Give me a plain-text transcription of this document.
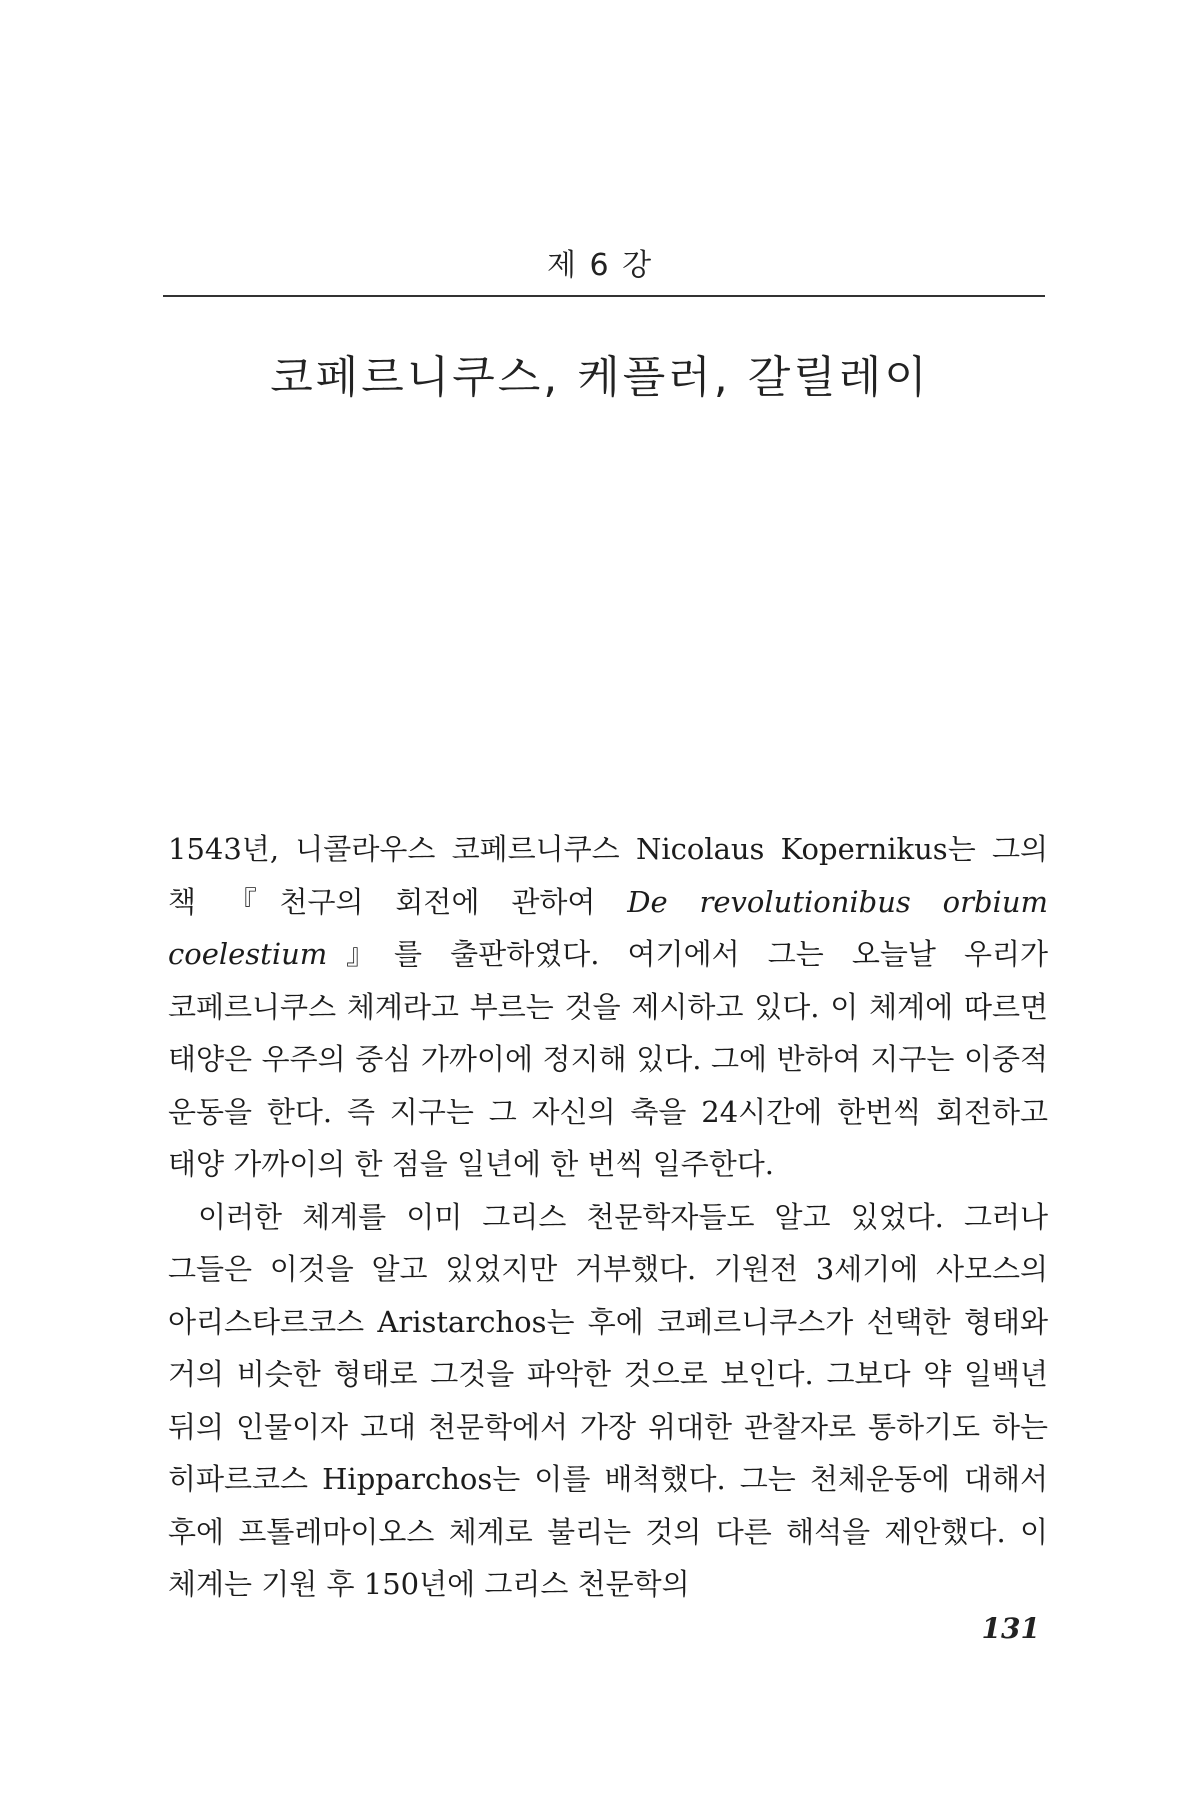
제 6 강
코페르니쿠스, 케플러, 갈릴레이

1543년, 니콜라우스 코페르니쿠스 Nicolaus Kopernikus는 그의 책 『천구의 회전에 관하여 De revolutionibus orbium coelestium』를 출판하였다. 여기에서 그는 오늘날 우리가 코페르니쿠스 체계라고 부르는 것을 제시하고 있다. 이 체계에 따르면 태양은 우주의 중심 가까이에 정지해 있다. 그에 반하여 지구는 이중적 운동을 한다. 즉 지구는 그 자신의 축을 24시간에 한번씩 회전하고 태양 가까이의 한 점을 일년에 한 번씩 일주한다.

이러한 체계를 이미 그리스 천문학자들도 알고 있었다. 그러나 그들은 이것을 알고 있었지만 거부했다. 기원전 3세기에 사모스의 아리스타르코스 Aristarchos는 후에 코페르니쿠스가 선택한 형태와 거의 비슷한 형태로 그것을 파악한 것으로 보인다. 그보다 약 일백년 뒤의 인물이자 고대 천문학에서 가장 위대한 관찰자로 통하기도 하는 히파르코스 Hipparchos는 이를 배척했다. 그는 천체운동에 대해서 후에 프톨레마이오스 체계로 불리는 것의 다른 해석을 제안했다. 이 체계는 기원 후 150년에 그리스 천문학의

131
